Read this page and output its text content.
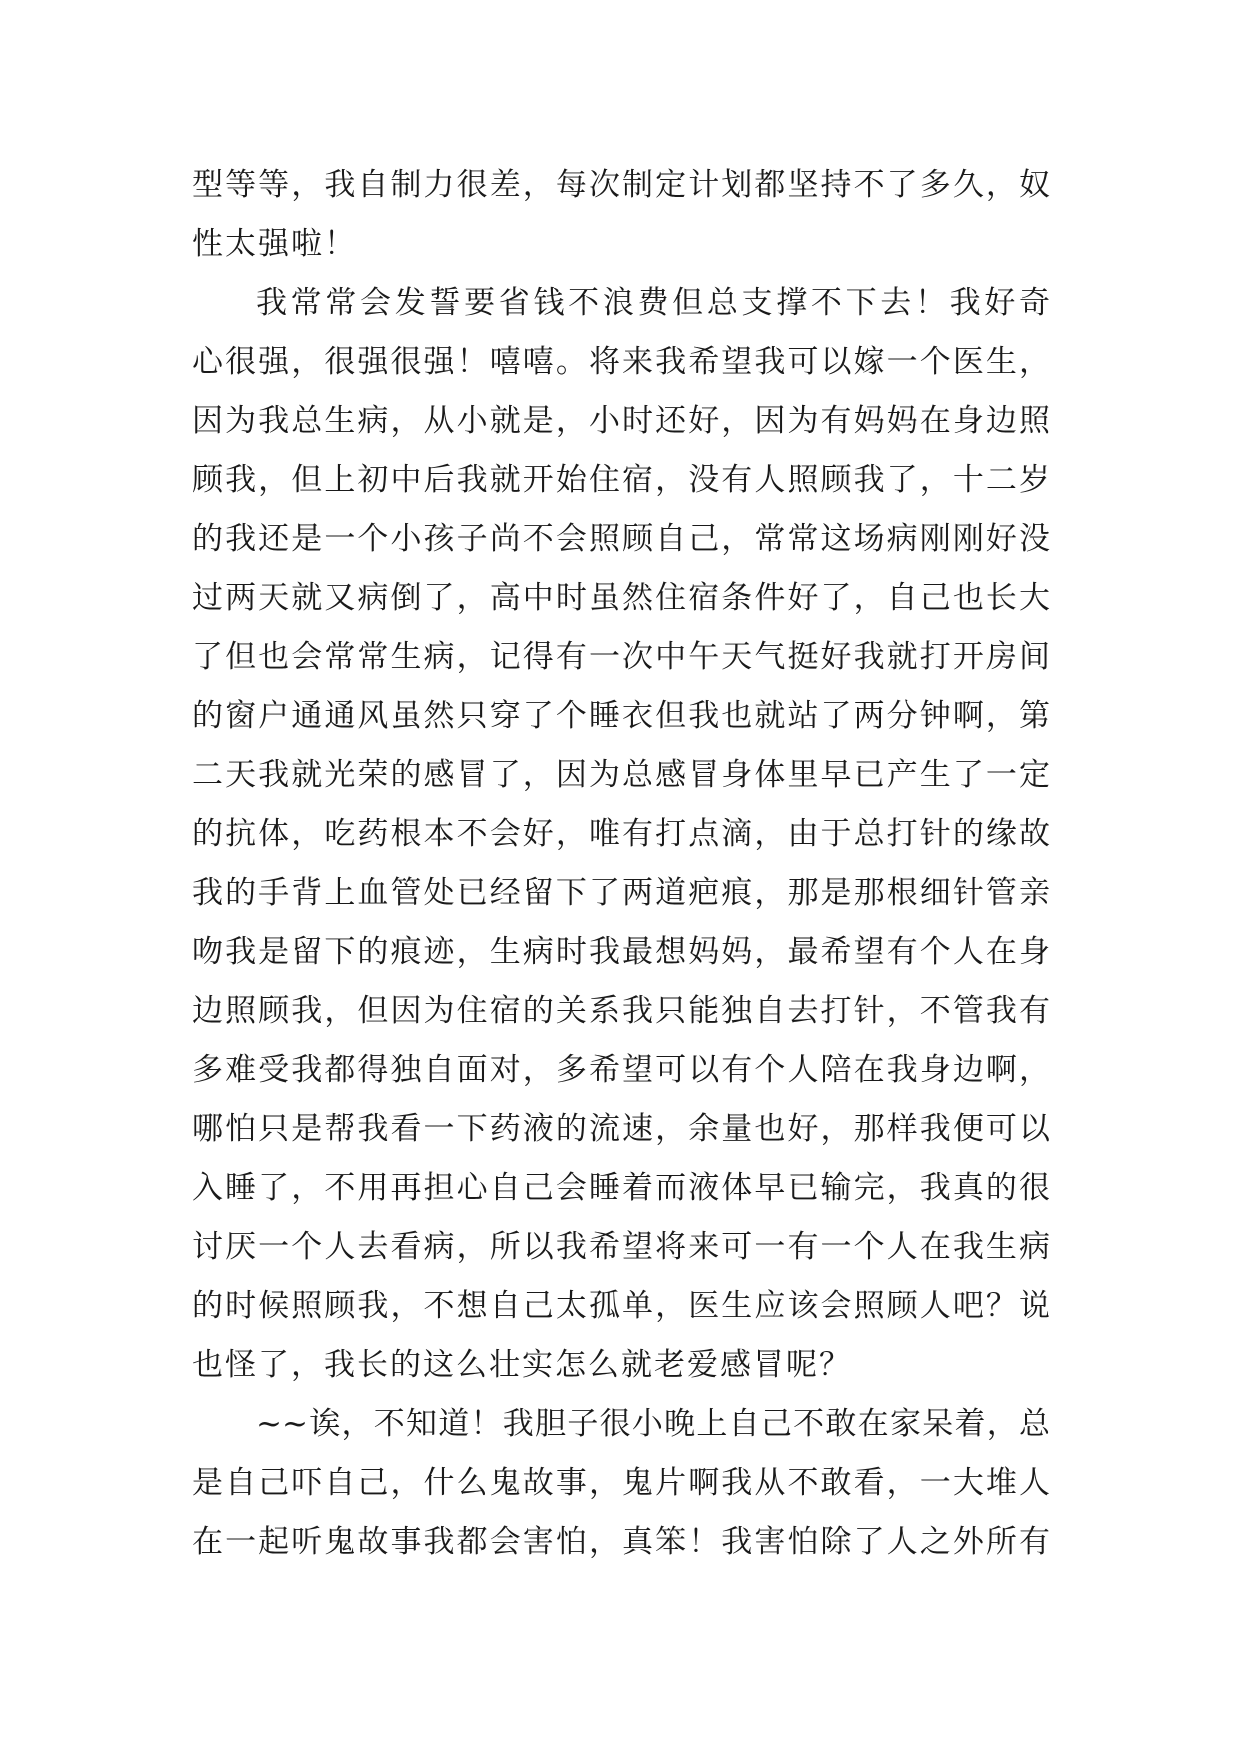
型等等，我自制力很差，每次制定计划都坚持不了多久，奴
性太强啦！
我常常会发誓要省钱不浪费但总支撑不下去！我好奇
心很强，很强很强！嘻嘻。将来我希望我可以嫁一个医生，
因为我总生病，从小就是，小时还好，因为有妈妈在身边照
顾我，但上初中后我就开始住宿，没有人照顾我了，十二岁
的我还是一个小孩子尚不会照顾自己，常常这场病刚刚好没
过两天就又病倒了，高中时虽然住宿条件好了，自己也长大
了但也会常常生病，记得有一次中午天气挺好我就打开房间
的窗户通通风虽然只穿了个睡衣但我也就站了两分钟啊，第
二天我就光荣的感冒了，因为总感冒身体里早已产生了一定
的抗体，吃药根本不会好，唯有打点滴，由于总打针的缘故
我的手背上血管处已经留下了两道疤痕，那是那根细针管亲
吻我是留下的痕迹，生病时我最想妈妈，最希望有个人在身
边照顾我，但因为住宿的关系我只能独自去打针，不管我有
多难受我都得独自面对，多希望可以有个人陪在我身边啊，
哪怕只是帮我看一下药液的流速，余量也好，那样我便可以
入睡了，不用再担心自己会睡着而液体早已输完，我真的很
讨厌一个人去看病，所以我希望将来可一有一个人在我生病
的时候照顾我，不想自己太孤单，医生应该会照顾人吧？说
也怪了，我长的这么壮实怎么就老爱感冒呢？
~~诶，不知道！我胆子很小晚上自己不敢在家呆着，总
是自己吓自己，什么鬼故事，鬼片啊我从不敢看，一大堆人
在一起听鬼故事我都会害怕，真笨！我害怕除了人之外所有
